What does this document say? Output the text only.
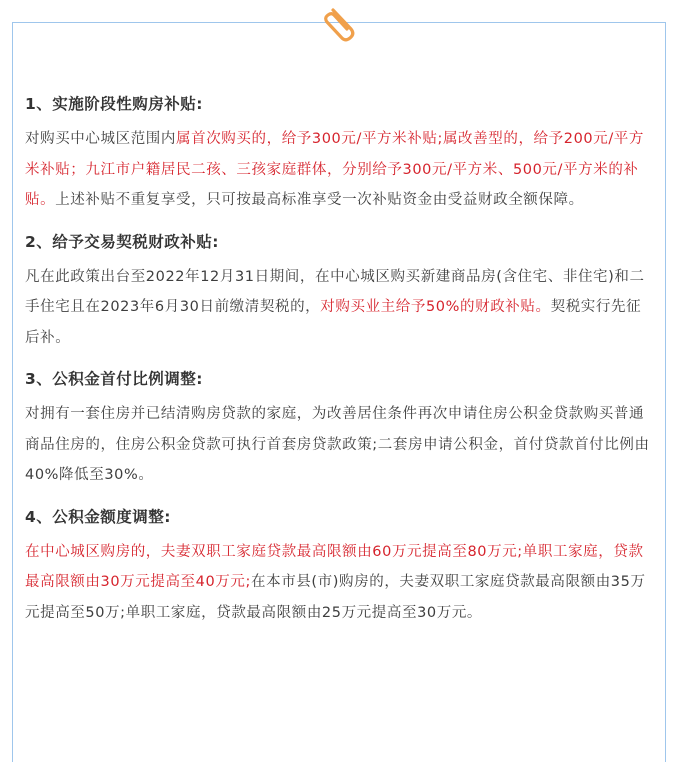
1、实施阶段性购房补贴:
对购买中心城区范围内属首次购买的，给予300元/平方米补贴;属改善型的，给予200元/平方米补贴；九江市户籍居民二孩、三孩家庭群体，分别给予300元/平方米、500元/平方米的补贴。上述补贴不重复享受，只可按最高标准享受一次补贴资金由受益财政全额保障。
2、给予交易契税财政补贴:
凡在此政策出台至2022年12月31日期间，在中心城区购买新建商品房(含住宅、非住宅)和二手住宅且在2023年6月30日前缴清契税的，对购买业主给予50%的财政补贴。契税实行先征后补。
3、公积金首付比例调整:
对拥有一套住房并已结清购房贷款的家庭，为改善居住条件再次申请住房公积金贷款购买普通商品住房的，住房公积金贷款可执行首套房贷款政策;二套房申请公积金，首付贷款首付比例由40%降低至30%。
4、公积金额度调整:
在中心城区购房的，夫妻双职工家庭贷款最高限额由60万元提高至80万元;单职工家庭，贷款最高限额由30万元提高至40万元;在本市县(市)购房的，夫妻双职工家庭贷款最高限额由35万元提高至50万;单职工家庭，贷款最高限额由25万元提高至30万元。
